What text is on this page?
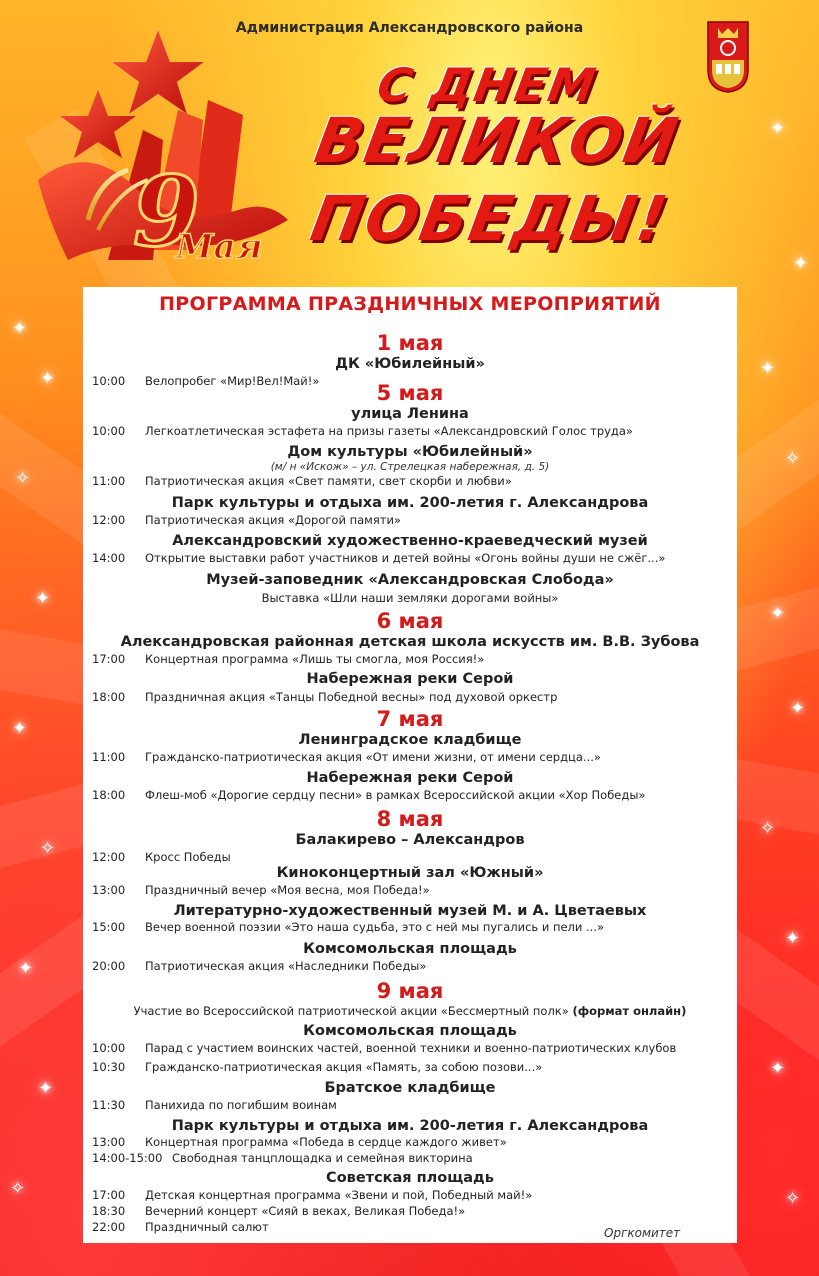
✦
✦
✦
✧
✦
✦
✧
✦
✦
✧
✦
✦
✧
✦
✦
✧
✦
✦
✧
Администрация Александровского района
9
Мая
С ДНЕМ
ВЕЛИКОЙ
ПОБЕДЫ!
ПРОГРАММА ПРАЗДНИЧНЫХ МЕРОПРИЯТИЙ
1 мая
ДК «Юбилейный»
10:00 Велопробег «Мир!Вел!Май!»	5 мая
улица Ленина
10:00 Легкоатлетическая эстафета на призы газеты «Александровский Голос труда»
Дом культуры «Юбилейный»
(м/ н «Искож» – ул. Стрелецкая набережная, д. 5)
11:00 Патриотическая акция «Свет памяти, свет скорби и любви»
Парк культуры и отдыха им. 200-летия г. Александрова
12:00 Патриотическая акция «Дорогой памяти»
Александровский художественно-краеведческий музей
14:00 Открытие выставки работ участников и детей войны «Огонь войны души не сжёг...»
Музей-заповедник «Александровская Слобода»
Выставка «Шли наши земляки дорогами войны»
6 мая
Александровская районная детская школа искусств им. В.В. Зубова
17:00 Концертная программа «Лишь ты смогла, моя Россия!»
Набережная реки Серой
18:00 Праздничная акция «Танцы Победной весны» под духовой оркестр
7 мая
Ленинградское кладбище
11:00 Гражданско-патриотическая акция «От имени жизни, от имени сердца...»
Набережная реки Серой
18:00 Флеш-моб «Дорогие сердцу песни» в рамках Всероссийской акции «Хор Победы»
8 мая
Балакирево – Александров
12:00 Кросс Победы
Киноконцертный зал «Южный»
13:00 Праздничный вечер «Моя весна, моя Победа!»
Литературно-художественный музей М. и А. Цветаевых
15:00 Вечер военной поэзии «Это наша судьба, это с ней мы пугались и пели ...»
Комсомольская площадь
20:00 Патриотическая акция «Наследники Победы»
9 мая
Участие во Всероссийской патриотической акции «Бессмертный полк» (формат онлайн)
Комсомольская площадь
10:00 Парад с участием воинских частей, военной техники и военно-патриотических клубов
10:30 Гражданско-патриотическая акция «Память, за собою позови...»
Братское кладбище
11:30 Панихида по погибшим воинам
Парк культуры и отдыха им. 200-летия г. Александрова
13:00 Концертная программа «Победа в сердце каждого живет»
14:00-15:00 Свободная танцплощадка и семейная викторина
Советская площадь
17:00 Детская концертная программа «Звени и пой, Победный май!»
18:30 Вечерний концерт «Сияй в веках, Великая Победа!»
22:00 Праздничный салют	Оргкомитет
